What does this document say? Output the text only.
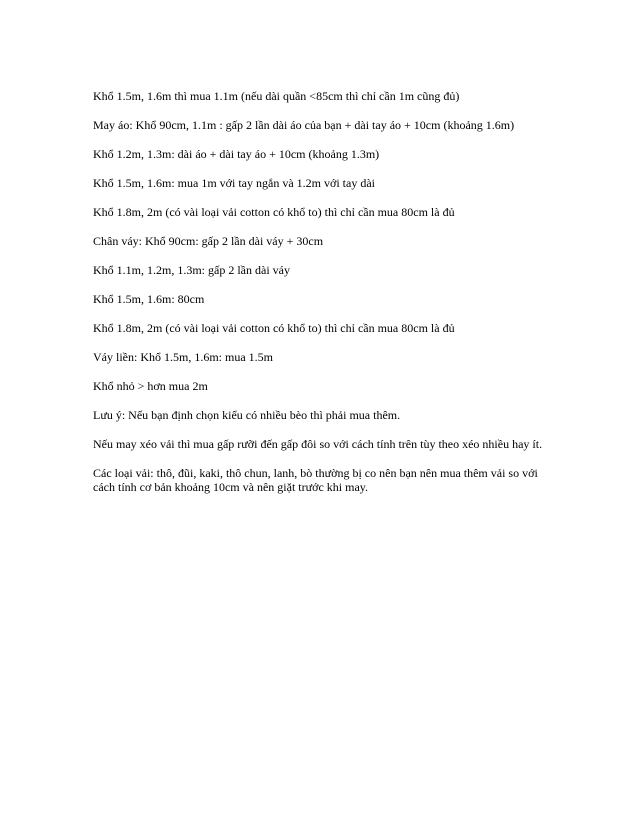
Khổ 1.5m, 1.6m thì mua 1.1m (nếu dài quần <85cm thì chỉ cần 1m cũng đủ)

May áo: Khổ 90cm, 1.1m : gấp 2 lần dài áo của bạn + dài tay áo + 10cm (khoảng 1.6m)

Khổ 1.2m, 1.3m: dài áo + dài tay áo + 10cm (khoảng 1.3m)

Khổ 1.5m, 1.6m: mua 1m với tay ngắn và 1.2m với tay dài

Khổ 1.8m, 2m (có vài loại vải cotton có khổ to) thì chỉ cần mua 80cm là đủ

Chân váy: Khổ 90cm: gấp 2 lần dài váy + 30cm

Khổ 1.1m, 1.2m, 1.3m: gấp 2 lần dài váy

Khổ 1.5m, 1.6m: 80cm

Khổ 1.8m, 2m (có vài loại vải cotton có khổ to) thì chỉ cần mua 80cm là đủ

Váy liền: Khổ 1.5m, 1.6m: mua 1.5m

Khổ nhỏ > hơn mua 2m

Lưu ý: Nếu bạn định chọn kiểu có nhiều bèo thì phải mua thêm.

Nếu may xéo vải thì mua gấp rưỡi đến gấp đôi so với cách tính trên tùy theo xéo nhiều hay ít.

Các loại vải: thô, đũi, kaki, thô chun, lanh, bò thường bị co nên bạn nên mua thêm vải so với cách tính cơ bản khoảng 10cm và nên giặt trước khi may.
